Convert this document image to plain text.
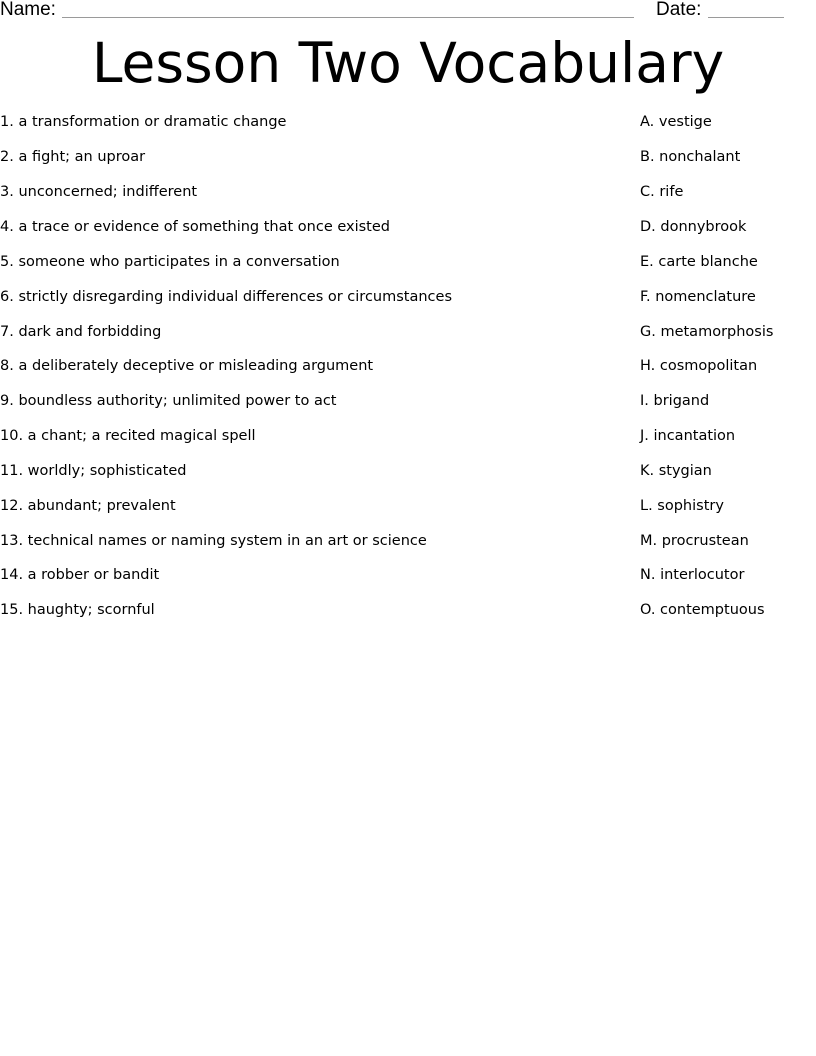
Name:	Date:
Lesson Two Vocabulary
1. a transformation or dramatic change
2. a fight; an uproar
3. unconcerned; indifferent
4. a trace or evidence of something that once existed
5. someone who participates in a conversation
6. strictly disregarding individual differences or circumstances
7. dark and forbidding
8. a deliberately deceptive or misleading argument
9. boundless authority; unlimited power to act
10. a chant; a recited magical spell
11. worldly; sophisticated
12. abundant; prevalent
13. technical names or naming system in an art or science
14. a robber or bandit
15. haughty; scornful
A. vestige
B. nonchalant
C. rife
D. donnybrook
E. carte blanche
F. nomenclature
G. metamorphosis
H. cosmopolitan
I. brigand
J. incantation
K. stygian
L. sophistry
M. procrustean
N. interlocutor
O. contemptuous
